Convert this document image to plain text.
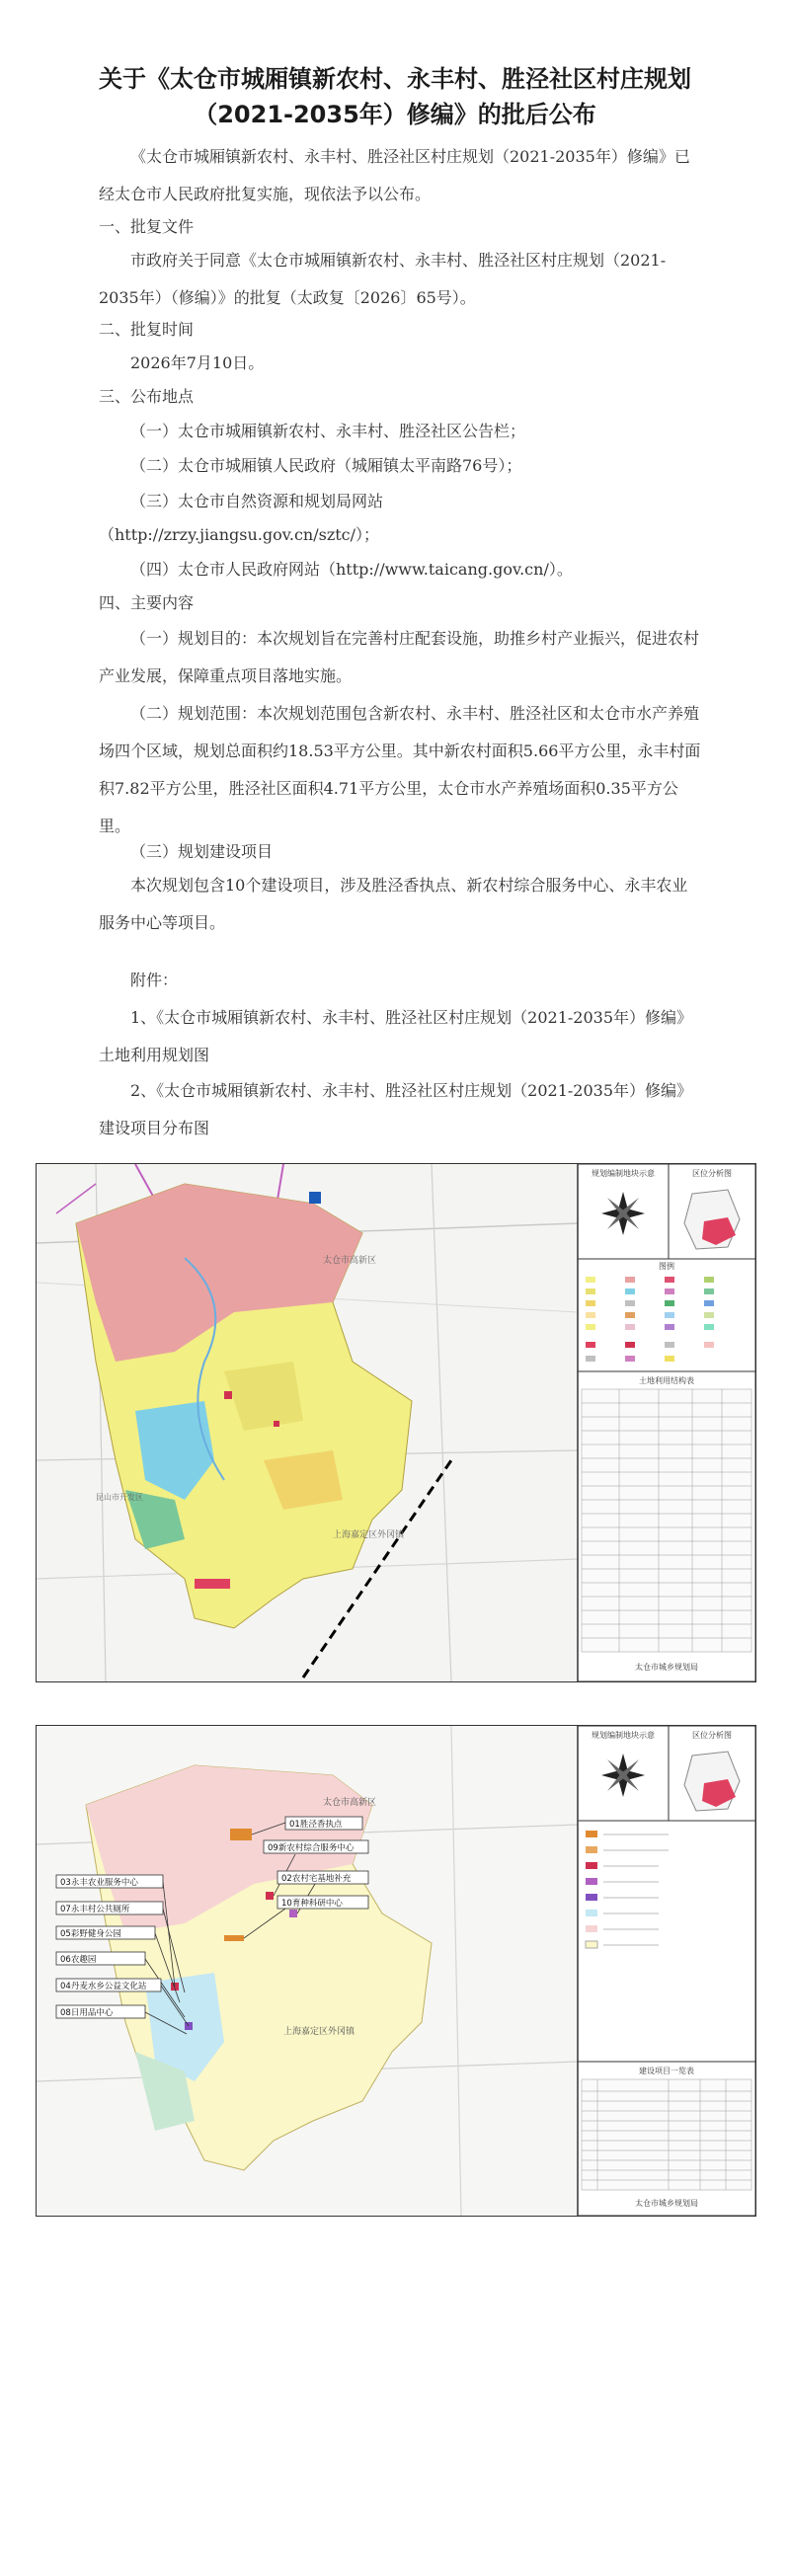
关于《太仓市城厢镇新农村、永丰村、胜泾社区村庄规划
（2021-2035年）修编》的批后公布
《太仓市城厢镇新农村、永丰村、胜泾社区村庄规划（2021-2035年）修编》已经太仓市人民政府批复实施，现依法予以公布。
一、批复文件
市政府关于同意《太仓市城厢镇新农村、永丰村、胜泾社区村庄规划（2021-2035年）（修编）》的批复（太政复〔2026〕65号）。
二、批复时间
2026年7月10日。
三、公布地点
（一）太仓市城厢镇新农村、永丰村、胜泾社区公告栏；
（二）太仓市城厢镇人民政府（城厢镇太平南路76号）；
（三）太仓市自然资源和规划局网站
（http://zrzy.jiangsu.gov.cn/sztc/）；
（四）太仓市人民政府网站（http://www.taicang.gov.cn/）。
四、主要内容
（一）规划目的：本次规划旨在完善村庄配套设施，助推乡村产业振兴，促进农村产业发展，保障重点项目落地实施。
（二）规划范围：本次规划范围包含新农村、永丰村、胜泾社区和太仓市水产养殖场四个区域，规划总面积约18.53平方公里。其中新农村面积5.66平方公里，永丰村面积7.82平方公里，胜泾社区面积4.71平方公里，太仓市水产养殖场面积0.35平方公里。
（三）规划建设项目
本次规划包含10个建设项目，涉及胜泾香执点、新农村综合服务中心、永丰农业服务中心等项目。
附件：
1、《太仓市城厢镇新农村、永丰村、胜泾社区村庄规划（2021-2035年）修编》土地利用规划图
2、《太仓市城厢镇新农村、永丰村、胜泾社区村庄规划（2021-2035年）修编》建设项目分布图
太仓市高新区
上海嘉定区外冈镇
昆山市开发区
规划编制地块示意	区位分析图
图例
土地利用结构表
太仓市城乡规划局
01胜泾香执点
09新农村综合服务中心
02农村宅基地补充
10育种科研中心
03永丰农业服务中心
07永丰村公共厕所
05彩野健身公园
06农趣园
04丹麦水乡公益文化站
08日用品中心
太仓市高新区
上海嘉定区外冈镇
规划编制地块示意	区位分析图
建设项目一览表
太仓市城乡规划局
